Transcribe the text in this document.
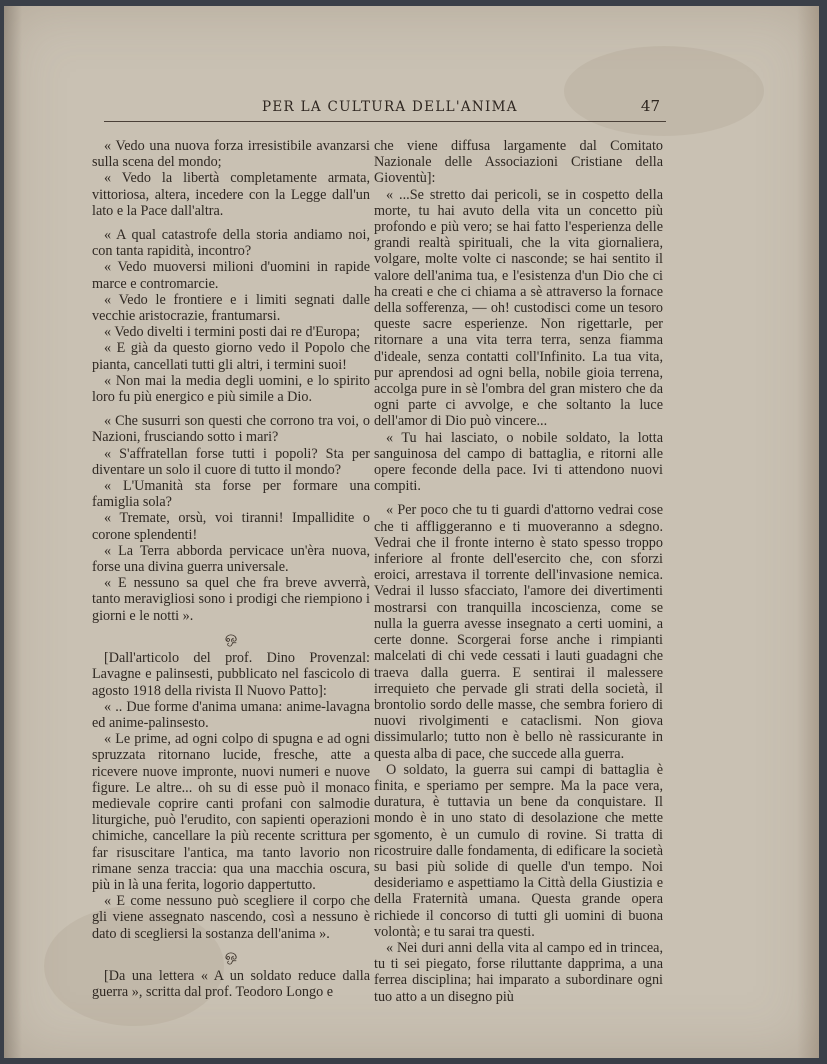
PER LA CULTURA DELL'ANIMA	47

« Vedo una nuova forza irresistibile avanzarsi sulla scena del mondo;

« Vedo la libertà completamente armata, vittoriosa, altera, incedere con la Legge dall'un lato e la Pace dall'altra.

« A qual catastrofe della storia andiamo noi, con tanta rapidità, incontro?

« Vedo muoversi milioni d'uomini in rapide marce e contromarcie.

« Vedo le frontiere e i limiti segnati dalle vecchie aristocrazie, frantumarsi.

« Vedo divelti i termini posti dai re d'Europa;

« E già da questo giorno vedo il Popolo che pianta, cancellati tutti gli altri, i termini suoi!

« Non mai la media degli uomini, e lo spirito loro fu più energico e più simile a Dio.

« Che susurri son questi che corrono tra voi, o Nazioni, frusciando sotto i mari?

« S'affratellan forse tutti i popoli? Sta per diventare un solo il cuore di tutto il mondo?

« L'Umanità sta forse per formare una famiglia sola?

« Tremate, orsù, voi tiranni! Impallidite o corone splendenti!

« La Terra abborda pervicace un'èra nuova, forse una divina guerra universale.

« E nessuno sa quel che fra breve avverrà, tanto meravigliosi sono i prodigi che riempiono i giorni e le notti ».

ஒ

[Dall'articolo del prof. Dino Provenzal: Lavagne e palinsesti, pubblicato nel fascicolo di agosto 1918 della rivista Il Nuovo Patto]:

« .. Due forme d'anima umana: anime-lavagna ed anime-palinsesto.

« Le prime, ad ogni colpo di spugna e ad ogni spruzzata ritornano lucide, fresche, atte a ricevere nuove impronte, nuovi numeri e nuove figure. Le altre... oh su di esse può il monaco medievale coprire canti profani con salmodie liturgiche, può l'erudito, con sapienti operazioni chimiche, cancellare la più recente scrittura per far risuscitare l'antica, ma tanto lavorio non rimane senza traccia: qua una macchia oscura, più in là una ferita, logorio dappertutto.

« E come nessuno può scegliere il corpo che gli viene assegnato nascendo, così a nessuno è dato di scegliersi la sostanza dell'anima ».

ஒ

[Da una lettera « A un soldato reduce dalla guerra », scritta dal prof. Teodoro Longo e

che viene diffusa largamente dal Comitato Nazionale delle Associazioni Cristiane della Gioventù]:

« ...Se stretto dai pericoli, se in cospetto della morte, tu hai avuto della vita un concetto più profondo e più vero; se hai fatto l'esperienza delle grandi realtà spirituali, che la vita giornaliera, volgare, molte volte ci nasconde; se hai sentito il valore dell'anima tua, e l'esistenza d'un Dio che ci ha creati e che ci chiama a sè attraverso la fornace della sofferenza, — oh! custodisci come un tesoro queste sacre esperienze. Non rigettarle, per ritornare a una vita terra terra, senza fiamma d'ideale, senza contatti coll'Infinito. La tua vita, pur aprendosi ad ogni bella, nobile gioia terrena, accolga pure in sè l'ombra del gran mistero che da ogni parte ci avvolge, e che soltanto la luce dell'amor di Dio può vincere...

« Tu hai lasciato, o nobile soldato, la lotta sanguinosa del campo di battaglia, e ritorni alle opere feconde della pace. Ivi ti attendono nuovi compiti.

« Per poco che tu ti guardi d'attorno vedrai cose che ti affliggeranno e ti muoveranno a sdegno. Vedrai che il fronte interno è stato spesso troppo inferiore al fronte dell'esercito che, con sforzi eroici, arrestava il torrente dell'invasione nemica. Vedrai il lusso sfacciato, l'amore dei divertimenti mostrarsi con tranquilla incoscienza, come se nulla la guerra avesse insegnato a certi uomini, a certe donne. Scorgerai forse anche i rimpianti malcelati di chi vede cessati i lauti guadagni che traeva dalla guerra. E sentirai il malessere irrequieto che pervade gli strati della società, il brontolio sordo delle masse, che sembra foriero di nuovi rivolgimenti e cataclismi. Non giova dissimularlo; tutto non è bello nè rassicurante in questa alba di pace, che succede alla guerra.

O soldato, la guerra sui campi di battaglia è finita, e speriamo per sempre. Ma la pace vera, duratura, è tuttavia un bene da conquistare. Il mondo è in uno stato di desolazione che mette sgomento, è un cumulo di rovine. Si tratta di ricostruire dalle fondamenta, di edificare la società su basi più solide di quelle d'un tempo. Noi desideriamo e aspettiamo la Città della Giustizia e della Fraternità umana. Questa grande opera richiede il concorso di tutti gli uomini di buona volontà; e tu sarai tra questi.

« Nei duri anni della vita al campo ed in trincea, tu ti sei piegato, forse riluttante dapprima, a una ferrea disciplina; hai imparato a subordinare ogni tuo atto a un disegno più
